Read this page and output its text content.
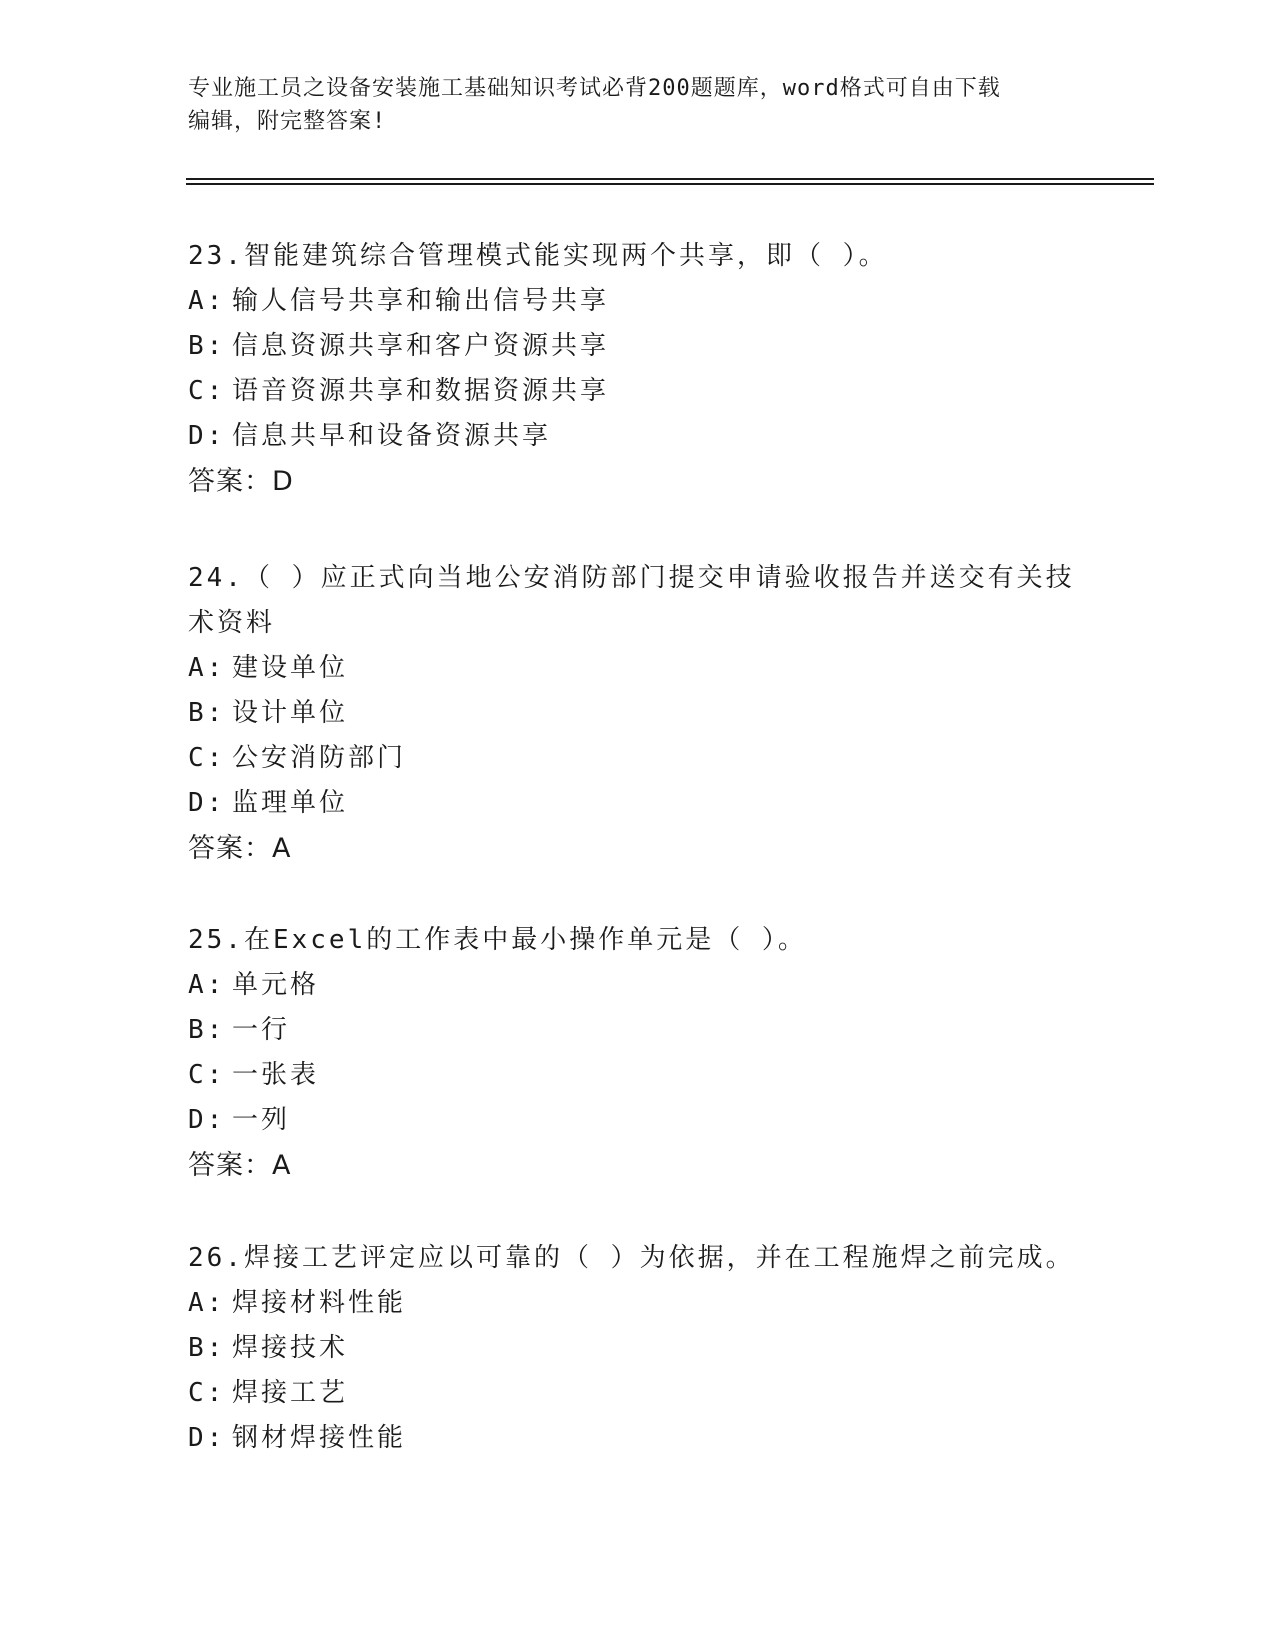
专业施工员之设备安装施工基础知识考试必背200题题库，word格式可自由下载
编辑，附完整答案!
23.智能建筑综合管理模式能实现两个共享，即（ ）。
A: 输人信号共享和输出信号共享
B: 信息资源共享和客户资源共享
C: 语音资源共享和数据资源共享
D: 信息共早和设备资源共享
答案：D
24.（ ）应正式向当地公安消防部门提交申请验收报告并送交有关技术资料
A: 建设单位
B: 设计单位
C: 公安消防部门
D: 监理单位
答案：A
25.在Excel的工作表中最小操作单元是（ ）。
A: 单元格
B: 一行
C: 一张表
D: 一列
答案：A
26.焊接工艺评定应以可靠的（ ）为依据，并在工程施焊之前完成。
A: 焊接材料性能
B: 焊接技术
C: 焊接工艺
D: 钢材焊接性能
